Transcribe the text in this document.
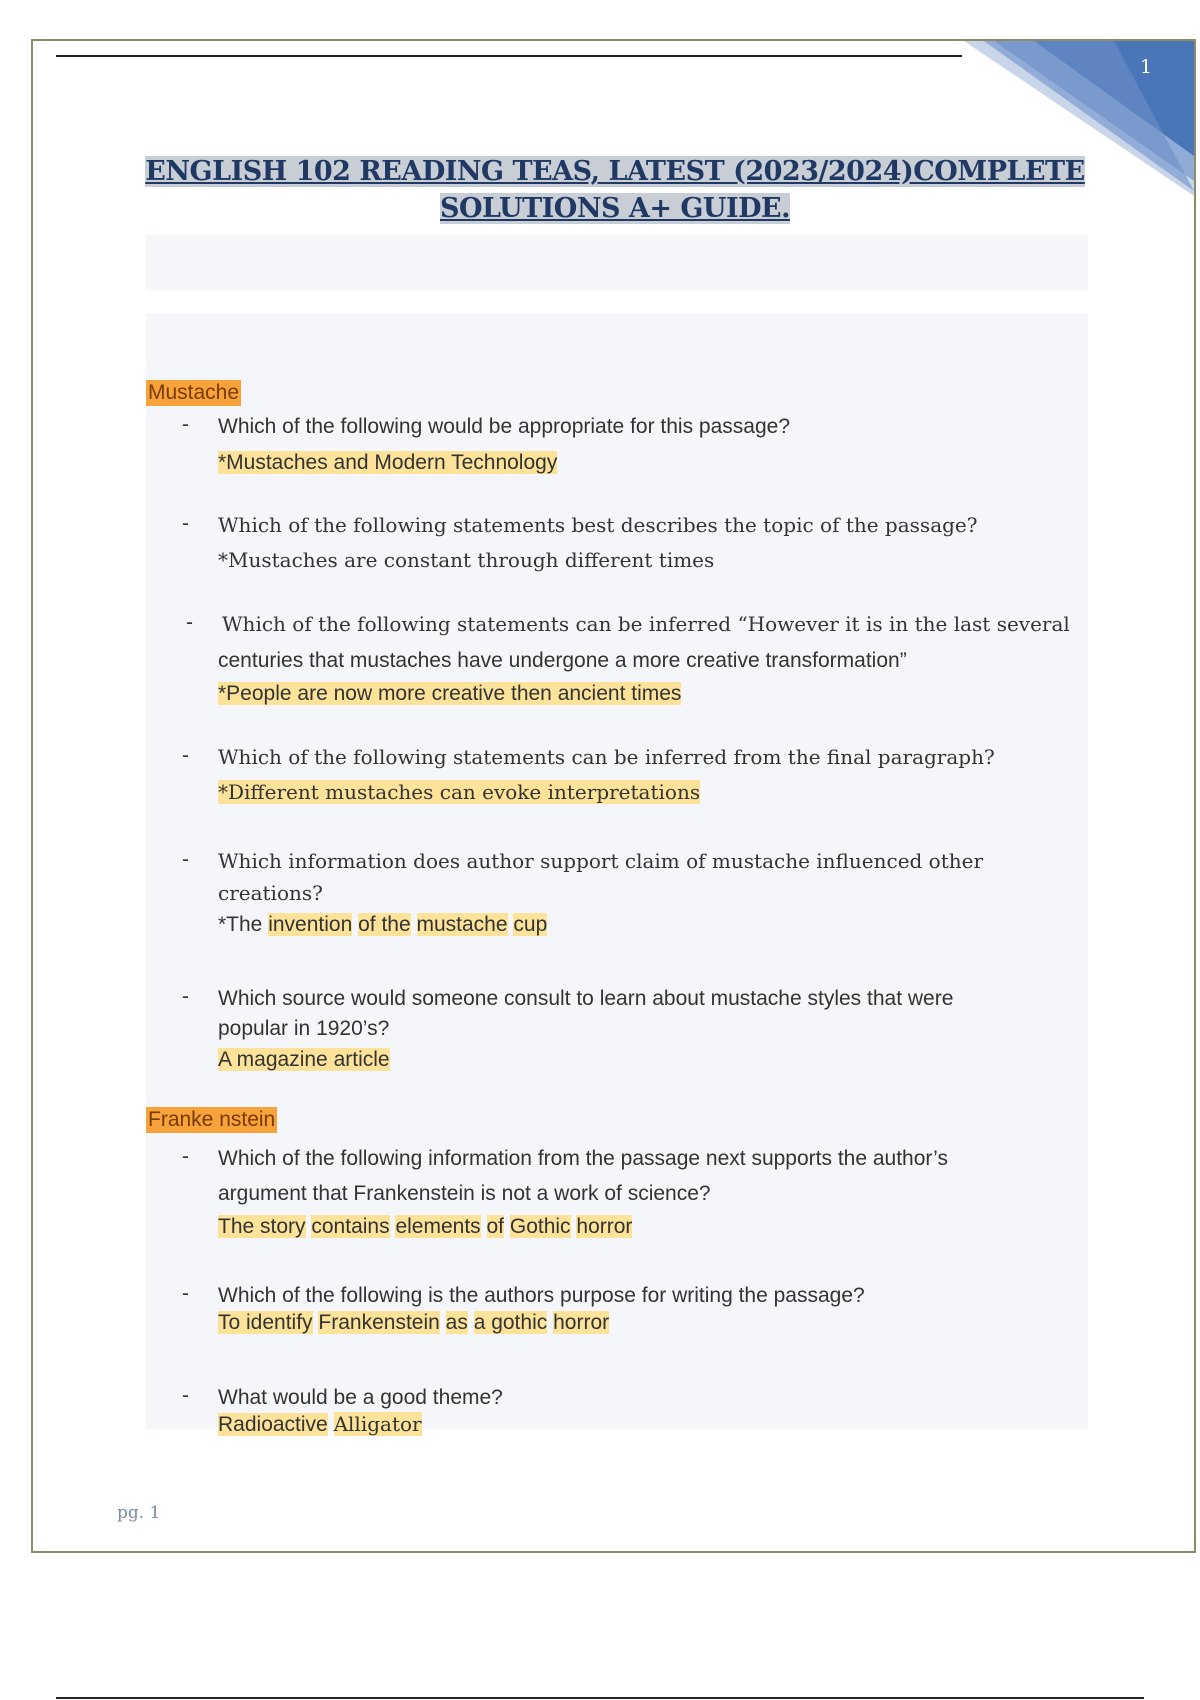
1
ENGLISH 102 READING TEAS, LATEST (2023/2024)COMPLETE
SOLUTIONS A+ GUIDE.
Mustache
- Which of the following would be appropriate for this passage?
*Mustaches and Modern Technology
- Which of the following statements best describes the topic of the passage?
*Mustaches are constant through different times
- Which of the following statements can be inferred “However it is in the last several
centuries that mustaches have undergone a more creative transformation”
*People are now more creative then ancient times
- Which of the following statements can be inferred from the final paragraph?
*Different mustaches can evoke interpretations
- Which information does author support claim of mustache influenced other
creations?
*The invention of the mustache cup
- Which source would someone consult to learn about mustache styles that were
popular in 1920’s?
A magazine article
Franke nstein
- Which of the following information from the passage next supports the author’s
argument that Frankenstein is not a work of science?
The story contains elements of Gothic horror
- Which of the following is the authors purpose for writing the passage?
To identify Frankenstein as a gothic horror
- What would be a good theme?
Radioactive Alligator
pg. 1
